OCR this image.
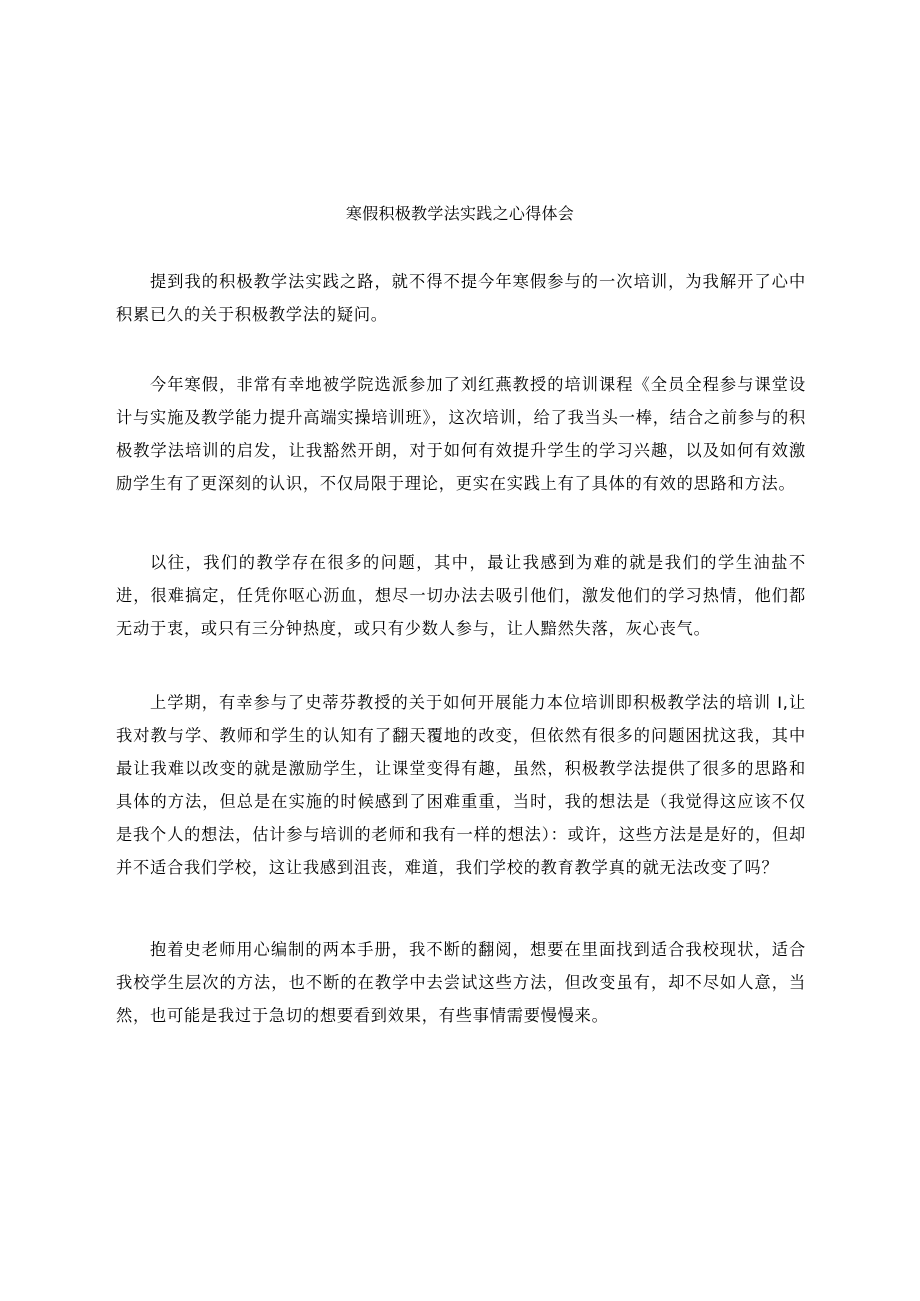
寒假积极教学法实践之心得体会

提到我的积极教学法实践之路，就不得不提今年寒假参与的一次培训，为我解开了心中积累已久的关于积极教学法的疑问。

今年寒假，非常有幸地被学院选派参加了刘红燕教授的培训课程《全员全程参与课堂设计与实施及教学能力提升高端实操培训班》，这次培训，给了我当头一棒，结合之前参与的积极教学法培训的启发，让我豁然开朗，对于如何有效提升学生的学习兴趣，以及如何有效激励学生有了更深刻的认识，不仅局限于理论，更实在实践上有了具体的有效的思路和方法。

以往，我们的教学存在很多的问题，其中，最让我感到为难的就是我们的学生油盐不进，很难搞定，任凭你呕心沥血，想尽一切办法去吸引他们，激发他们的学习热情，他们都无动于衷，或只有三分钟热度，或只有少数人参与，让人黯然失落，灰心丧气。

上学期，有幸参与了史蒂芬教授的关于如何开展能力本位培训即积极教学法的培训 I,让我对教与学、教师和学生的认知有了翻天覆地的改变，但依然有很多的问题困扰这我，其中最让我难以改变的就是激励学生，让课堂变得有趣，虽然，积极教学法提供了很多的思路和具体的方法，但总是在实施的时候感到了困难重重，当时，我的想法是（我觉得这应该不仅是我个人的想法，估计参与培训的老师和我有一样的想法）：或许，这些方法是是好的，但却并不适合我们学校，这让我感到沮丧，难道，我们学校的教育教学真的就无法改变了吗？

抱着史老师用心编制的两本手册，我不断的翻阅，想要在里面找到适合我校现状，适合我校学生层次的方法，也不断的在教学中去尝试这些方法，但改变虽有，却不尽如人意，当然，也可能是我过于急切的想要看到效果，有些事情需要慢慢来。
